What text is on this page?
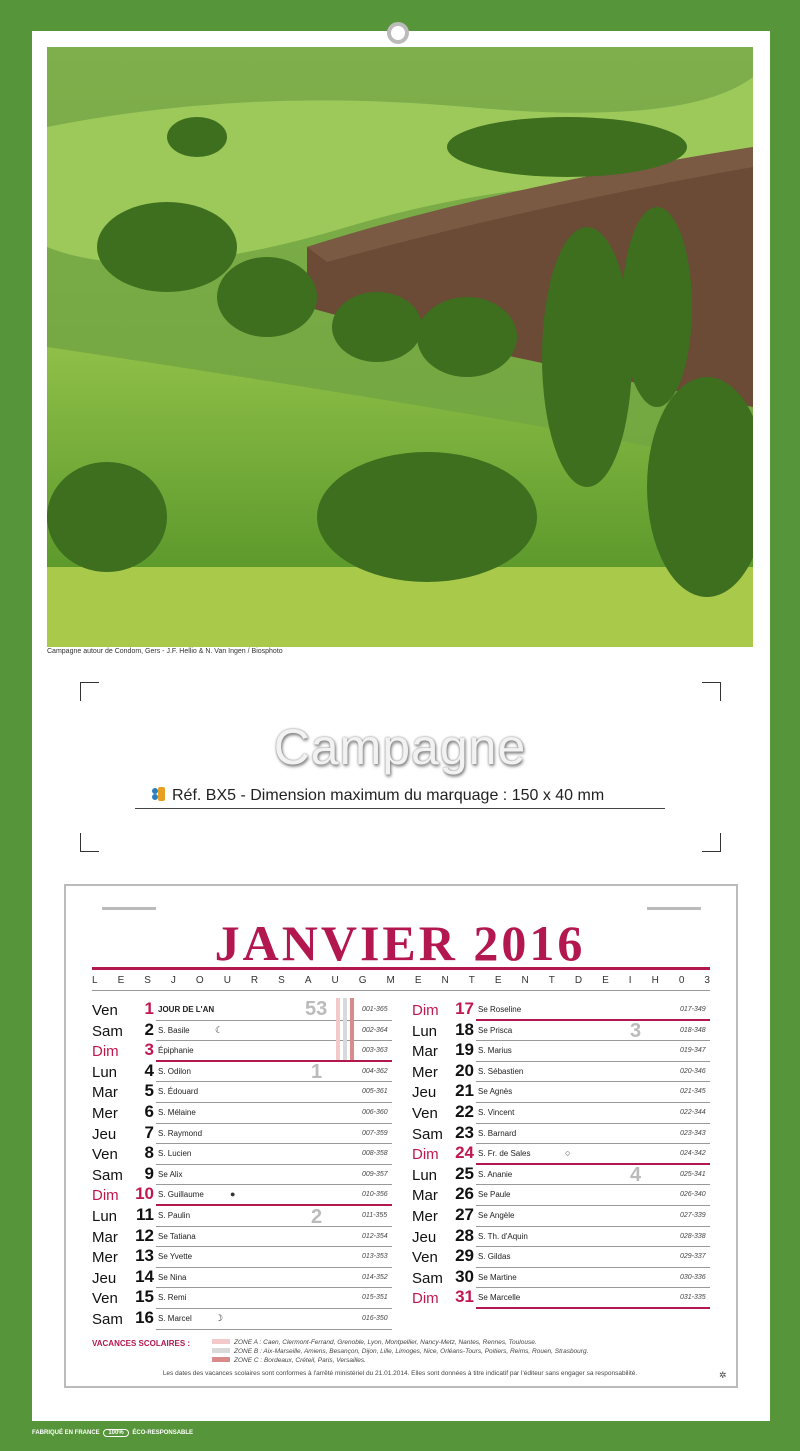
Campagne autour de Condom, Gers - J.F. Hellio & N. Van Ingen / Biosphoto
Campagne
Réf. BX5 - Dimension maximum du marquage : 150 x 40 mm
JANVIER 2016
L E S J O U R S A U G M E N T E N T D E I H 0 3
Ven	1 JOUR DE L'AN	001-365
Sam	2 S. Basile	002-364
☾
Dim	3 Épiphanie	003-363
Lun	4 S. Odilon	004-362
Mar	5 S. Édouard	005-361
Mer	6 S. Mélaine	006-360
Jeu	7 S. Raymond	007-359
Ven	8 S. Lucien	008-358
Sam	9 Se Alix	009-357
Dim 10 S. Guillaume	010-356
●
Lun	11 S. Paulin	011-355
Mar	12 Se Tatiana	012-354
Mer	13 Se Yvette	013-353
Jeu	14 Se Nina	014-352
Ven	15 S. Remi	015-351
Sam 16 S. Marcel	016-350
☽
Dim 17 Se Roseline	017-349
Lun	18 Se Prisca	018-348
Mar	19 S. Marius	019-347
Mer	20 S. Sébastien	020-346
Jeu	21 Se Agnès	021-345
Ven	22 S. Vincent	022-344
Sam 23 S. Barnard	023-343
Dim 24 S. Fr. de Sales	024-342
○
Lun	25 S. Ananie	025-341
Mar	26 Se Paule	026-340
Mer	27 Se Angèle	027-339
Jeu	28 S. Th. d'Aquin	028-338
Ven	29 S. Gildas	029-337
Sam 30 Se Martine	030-336
Dim 31 Se Marcelle	031-335
53
1
2
3
4
VACANCES SCOLAIRES :	ZONE A : Caen, Clermont-Ferrand, Grenoble, Lyon, Montpellier, Nancy-Metz, Nantes, Rennes, Toulouse.
ZONE B : Aix-Marseille, Amiens, Besançon, Dijon, Lille, Limoges, Nice, Orléans-Tours, Poitiers, Reims, Rouen, Strasbourg.
ZONE C : Bordeaux, Créteil, Paris, Versailles.
Les dates des vacances scolaires sont conformes à l'arrêté ministériel du 21.01.2014. Elles sont données à titre indicatif par l'éditeur sans engager sa responsabilité.	✲
FABRIQUÉ EN FRANCE 100% ÉCO-RESPONSABLE
